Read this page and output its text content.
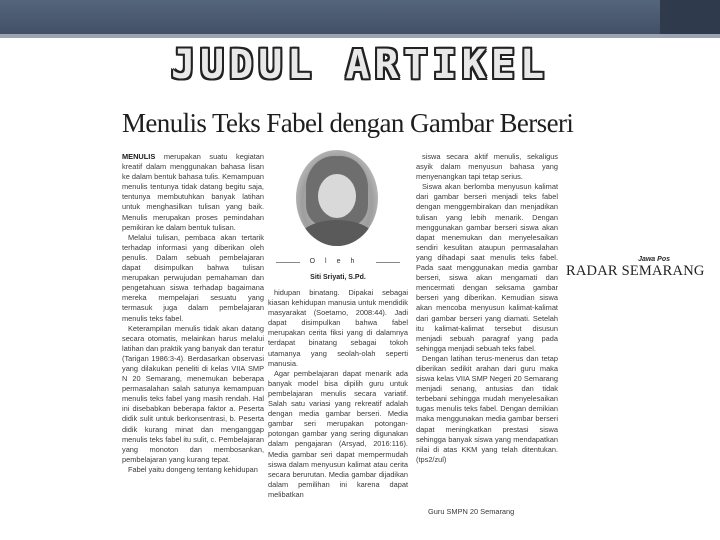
JUDUL ARTIKEL
Menulis Teks Fabel dengan Gambar Berseri

MENULIS merupakan suatu kegiatan kreatif dalam menggunakan bahasa lisan ke dalam bentuk bahasa tulis. Kemampuan menulis tentunya tidak datang begitu saja, tentunya membutuhkan banyak latihan untuk menghasilkan tulisan yang baik. Menulis merupakan proses pemindahan pemikiran ke dalam bentuk tulisan.

Melalui tulisan, pembaca akan tertarik terhadap informasi yang diberikan oleh penulis. Dalam sebuah pembelajaran dapat disimpulkan bahwa tulisan merupakan perwujudan pemahaman dan pengetahuan siswa terhadap bagaimana mereka mempelajari sesuatu yang termasuk juga dalam pembelajaran menulis teks fabel.

Keterampilan menulis tidak akan datang secara otomatis, melainkan harus melalui latihan dan praktik yang banyak dan teratur (Tarigan 1986:3-4). Berdasarkan observasi yang dilakukan peneliti di kelas VIIA SMP N 20 Semarang, menemukan beberapa permasalahan salah satunya kemampuan menulis teks fabel yang masih rendah. Hal ini disebabkan beberapa faktor a. Peserta didik sulit untuk berkonsentrasi, b. Peserta didik kurang minat dan menganggap menulis teks fabel itu sulit, c. Pembelajaran yang monoton dan membosankan, pembelajaran yang kurang tepat.

Fabel yaitu dongeng tentang kehidupan

Oleh
Siti Sriyati, S.Pd.

hidupan binatang. Dipakai sebagai kiasan kehidupan manusia untuk mendidik masyarakat (Soetarno, 2008:44). Jadi dapat disimpulkan bahwa fabel merupakan cerita fiksi yang di dalamnya terdapat binatang sebagai tokoh utamanya yang seolah-olah seperti manusia.

Agar pembelajaran dapat menarik ada banyak model bisa dipilih guru untuk pembelajaran menulis secara variatif. Salah satu variasi yang rekreatif adalah dengan media gambar berseri. Media gambar seri merupakan potongan-potongan gambar yang sering digunakan dalam pengajaran (Arsyad, 2016:116). Media gambar seri dapat mempermudah siswa dalam menyusun kalimat atau cerita secara berurutan. Media gambar dijadikan dalam pemilihan ini karena dapat melibatkan

siswa secara aktif menulis, sekaligus asyik dalam menyusun bahasa yang menyenangkan tapi tetap serius.

Siswa akan berlomba menyusun kalimat dari gambar berseri menjadi teks fabel dengan menggembirakan dan menjadikan tulisan yang lebih menarik. Dengan menggunakan gambar berseri siswa akan dapat menemukan dan menyelesaikan sendiri kesulitan ataupun permasalahan yang dihadapi saat menulis teks fabel. Pada saat menggunakan media gambar berseri, siswa akan mengamati dan mencermati dengan seksama gambar berseri yang diberikan. Kemudian siswa akan mencoba menyusun kalimat-kalimat dari gambar berseri yang diamati. Setelah itu kalimat-kalimat tersebut disusun menjadi sebuah paragraf yang pada sehingga menjadi sebuah teks fabel.

Dengan latihan terus-menerus dan tetap diberikan sedikit arahan dari guru maka siswa kelas VIIA SMP Negeri 20 Semarang menjadi senang, antusias dan tidak terbebani sehingga mudah menyelesaikan tugas menulis teks fabel. Dengan demikian maka menggunakan media gambar berseri dapat meningkatkan prestasi siswa sehingga banyak siswa yang mendapatkan nilai di atas KKM yang telah ditentukan. (tps2/zul)

Guru SMPN 20 Semarang
Jawa Pos
RADAR SEMARANG
